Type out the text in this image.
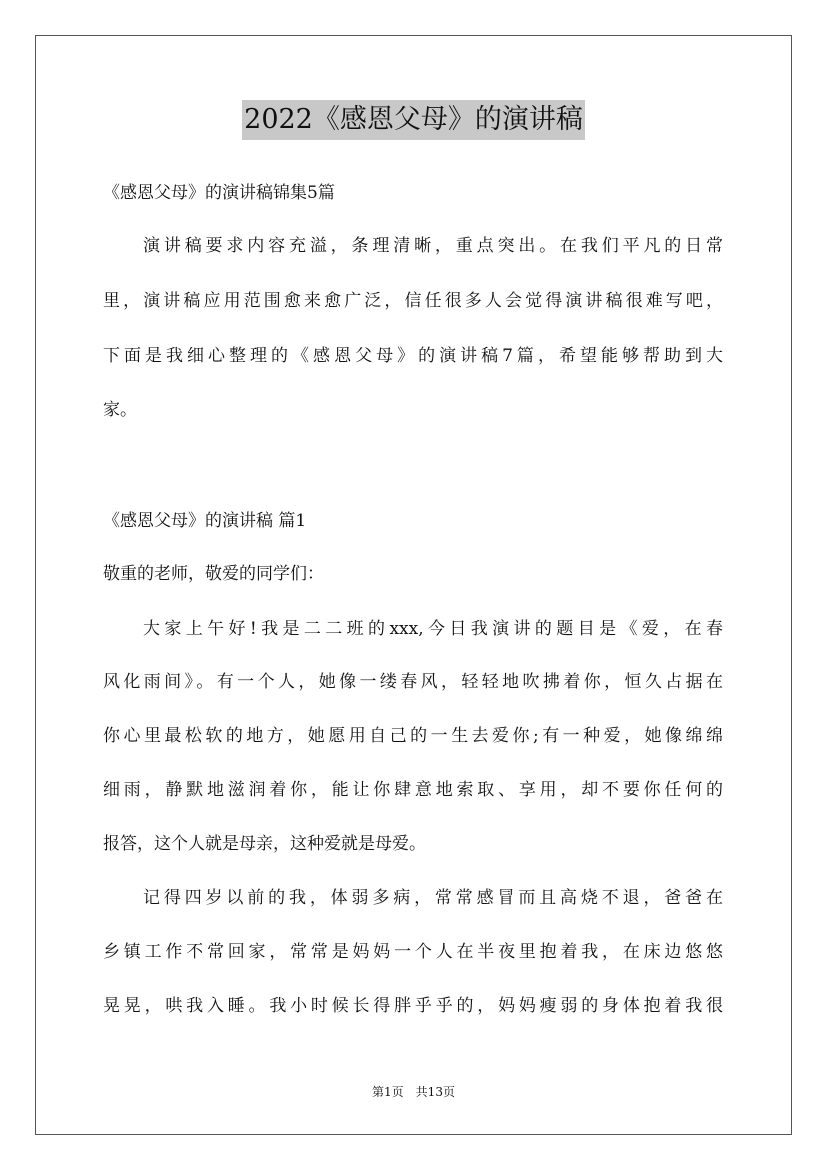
2022《感恩父母》的演讲稿
《感恩父母》的演讲稿锦集5篇
演讲稿要求内容充溢，条理清晰，重点突出。在我们平凡的日常
里，演讲稿应用范围愈来愈广泛，信任很多人会觉得演讲稿很难写吧，
下面是我细心整理的《感恩父母》的演讲稿7篇，希望能够帮助到大
家。
《感恩父母》的演讲稿 篇1
敬重的老师，敬爱的同学们：
大家上午好!我是二二班的xxx,今日我演讲的题目是《爱，在春
风化雨间》。有一个人，她像一缕春风，轻轻地吹拂着你，恒久占据在
你心里最松软的地方，她愿用自己的一生去爱你;有一种爱，她像绵绵
细雨，静默地滋润着你，能让你肆意地索取、享用，却不要你任何的
报答，这个人就是母亲，这种爱就是母爱。
记得四岁以前的我，体弱多病，常常感冒而且高烧不退，爸爸在
乡镇工作不常回家，常常是妈妈一个人在半夜里抱着我，在床边悠悠
晃晃，哄我入睡。我小时候长得胖乎乎的，妈妈瘦弱的身体抱着我很
第1页　共13页
